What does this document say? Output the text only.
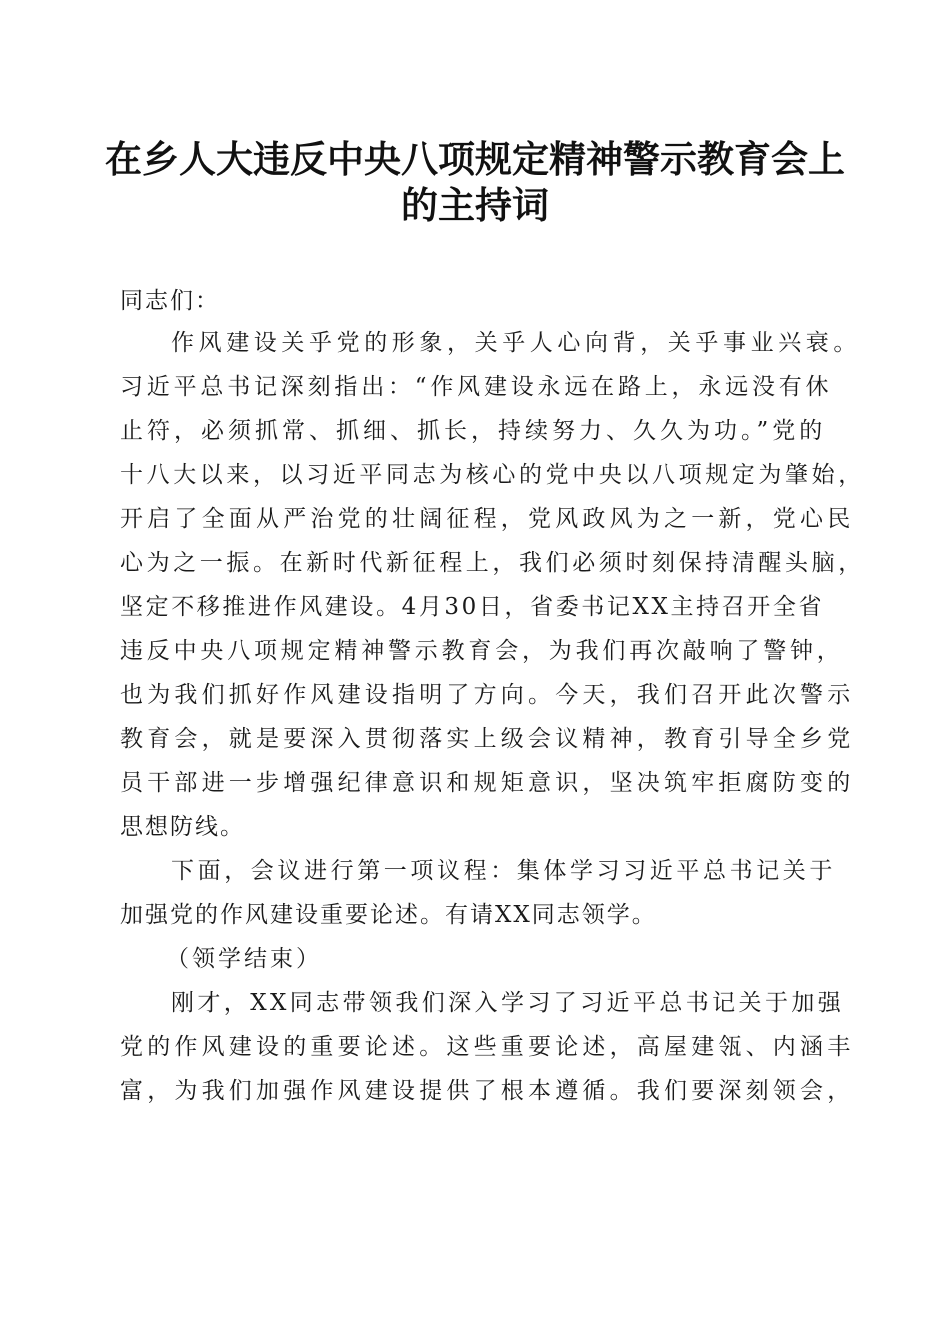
在乡人大违反中央八项规定精神警示教育会上
的主持词
同志们：
作风建设关乎党的形象，关乎人心向背，关乎事业兴衰。
习近平总书记深刻指出：“作风建设永远在路上，永远没有休
止符，必须抓常、抓细、抓长，持续努力、久久为功。”党的
十八大以来，以习近平同志为核心的党中央以八项规定为肇始，
开启了全面从严治党的壮阔征程，党风政风为之一新，党心民
心为之一振。在新时代新征程上，我们必须时刻保持清醒头脑，
坚定不移推进作风建设。4月30日，省委书记XX主持召开全省
违反中央八项规定精神警示教育会，为我们再次敲响了警钟，
也为我们抓好作风建设指明了方向。今天，我们召开此次警示
教育会，就是要深入贯彻落实上级会议精神，教育引导全乡党
员干部进一步增强纪律意识和规矩意识，坚决筑牢拒腐防变的
思想防线。
下面，会议进行第一项议程：集体学习习近平总书记关于
加强党的作风建设重要论述。有请XX同志领学。
（领学结束）
刚才，XX同志带领我们深入学习了习近平总书记关于加强
党的作风建设的重要论述。这些重要论述，高屋建瓴、内涵丰
富，为我们加强作风建设提供了根本遵循。我们要深刻领会，
